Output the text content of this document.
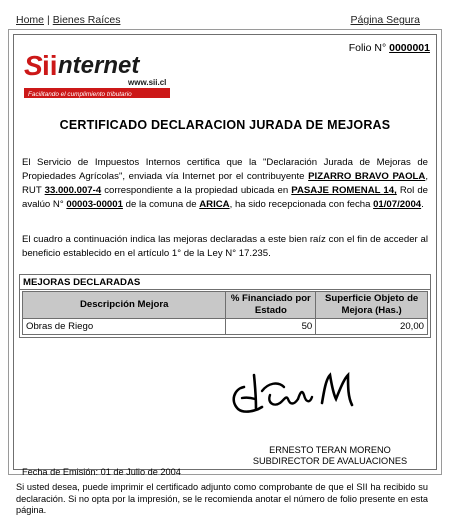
Home | Bienes Raíces	Página Segura
S ii nternet
www.sii.cl
Facilitando el cumplimiento tributario
Folio N° 0000001
CERTIFICADO DECLARACION JURADA DE MEJORAS
El Servicio de Impuestos Internos certifica que la "Declaración Jurada de Mejoras de Propiedades Agrícolas", enviada vía Internet por el contribuyente PIZARRO BRAVO PAOLA, RUT 33.000.007-4 correspondiente a la propiedad ubicada en PASAJE ROMENAL 14, Rol de avalúo N° 00003-00001 de la comuna de ARICA, ha sido recepcionada con fecha 01/07/2004.
El cuadro a continuación indica las mejoras declaradas a este bien raíz con el fin de acceder al beneficio establecido en el artículo 1° de la Ley N° 17.235.
MEJORAS DECLARADAS
Descripción Mejora	% Financiado por Estado	Superficie Objeto de Mejora (Has.)
Obras de Riego	50	20,00
ERNESTO TERAN MORENO
SUBDIRECTOR DE AVALUACIONES
Fecha de Emisión: 01 de Julio de 2004
Si usted desea, puede imprimir el certificado adjunto como comprobante de que el SII ha recibido su declaración. Si no opta por la impresión, se le recomienda anotar el número de folio presente en esta página.
